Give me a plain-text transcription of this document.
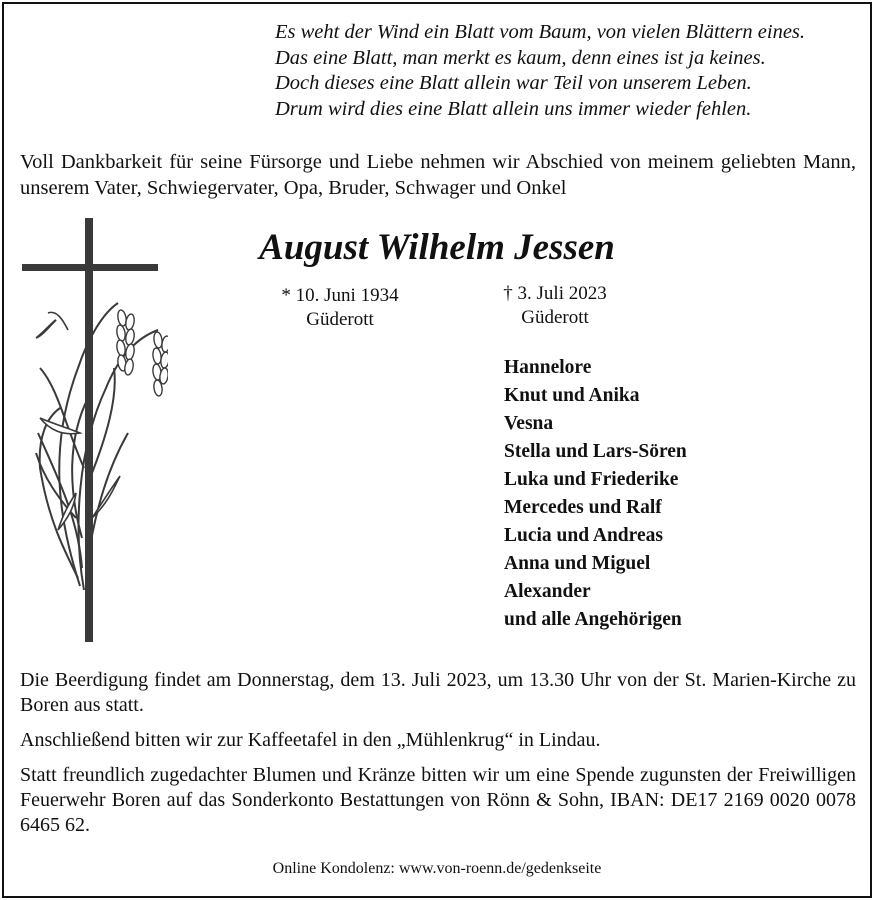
Es weht der Wind ein Blatt vom Baum, von vielen Blättern eines.
Das eine Blatt, man merkt es kaum, denn eines ist ja keines.
Doch dieses eine Blatt allein war Teil von unserem Leben.
Drum wird dies eine Blatt allein uns immer wieder fehlen.
Voll Dankbarkeit für seine Fürsorge und Liebe nehmen wir Abschied von meinem geliebten Mann, unserem Vater, Schwiegervater, Opa, Bruder, Schwager und Onkel
August Wilhelm Jessen
* 10. Juni 1934
Güderott
† 3. Juli 2023
Güderott
Hannelore
Knut und Anika
Vesna
Stella und Lars-Sören
Luka und Friederike
Mercedes und Ralf
Lucia und Andreas
Anna und Miguel
Alexander
und alle Angehörigen

Die Beerdigung findet am Donnerstag, dem 13. Juli 2023, um 13.30 Uhr von der St. Marien-Kirche zu Boren aus statt.

Anschließend bitten wir zur Kaffeetafel in den „Mühlenkrug“ in Lindau.

Statt freundlich zugedachter Blumen und Kränze bitten wir um eine Spende zugunsten der Freiwilligen Feuerwehr Boren auf das Sonderkonto Bestattungen von Rönn & Sohn, IBAN: DE17 2169 0020 0078 6465 62.

Online Kondolenz: www.von-roenn.de/gedenkseite
